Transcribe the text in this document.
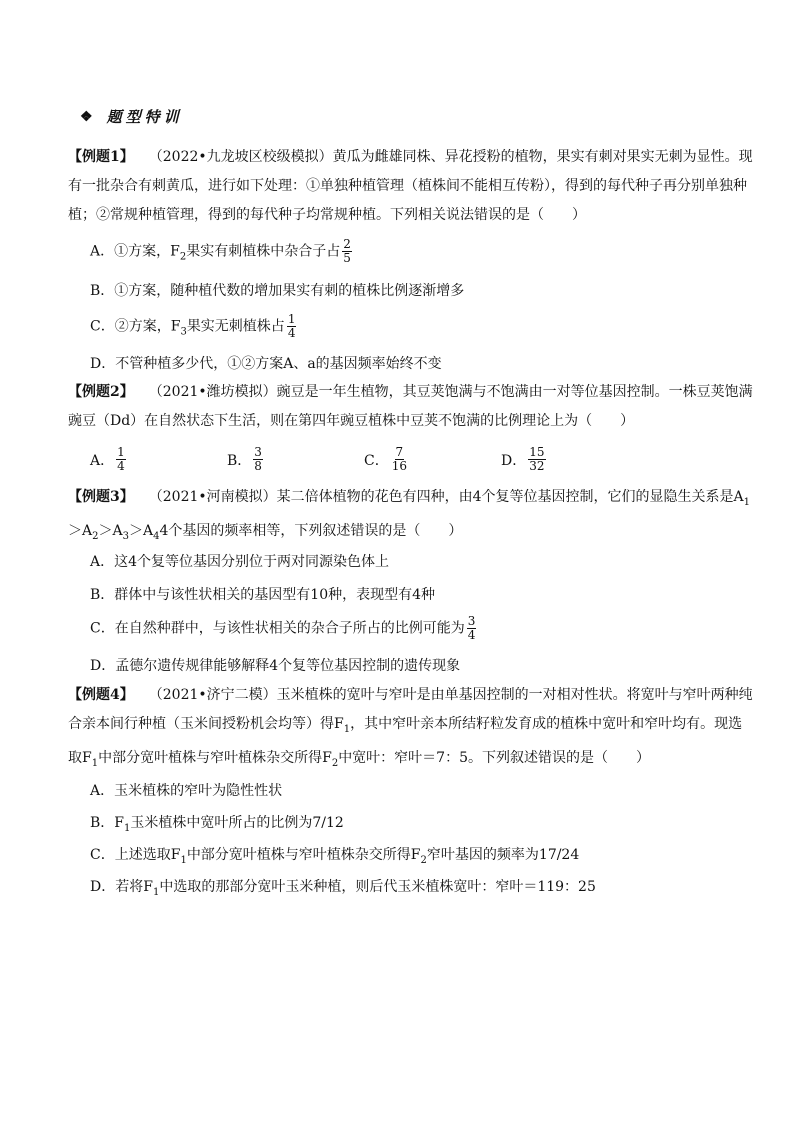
❖ 题型特训
【例题1】 （2022•九龙坡区校级模拟）黄瓜为雌雄同株、异花授粉的植物，果实有刺对果实无刺为显性。现有一批杂合有刺黄瓜，进行如下处理：①单独种植管理（植株间不能相互传粉），得到的每代种子再分别单独种植；②常规种植管理，得到的每代种子均常规种植。下列相关说法错误的是（　　）
A．①方案，$F_2$果实有刺植株中杂合子占 $\frac{2}{5}$
B．①方案，随种植代数的增加果实有刺的植株比例逐渐增多
C．②方案，$F_3$果实无刺植株占 $\frac{1}{4}$
D．不管种植多少代，①②方案A、a的基因频率始终不变
【例题2】 （2021•潍坊模拟）豌豆是一年生植物，其豆荚饱满与不饱满由一对等位基因控制。一株豆荚饱满豌豆（Dd）在自然状态下生活，则在第四年豌豆植株中豆荚不饱满的比例理论上为（　　）
A． $\frac{1}{4}$	B． $\frac{3}{8}$	C． $\frac{7}{16}$	D． $\frac{15}{32}$
【例题3】 （2021•河南模拟）某二倍体植物的花色有四种，由4个复等位基因控制，它们的显隐生关系是$A_1>A_2>A_3>A_44$个基因的频率相等，下列叙述错误的是（　　）
A．这4个复等位基因分别位于两对同源染色体上
B．群体中与该性状相关的基因型有10种，表现型有4种
C．在自然种群中，与该性状相关的杂合子所占的比例可能为 $\frac{3}{4}$
D．孟德尔遗传规律能够解释4个复等位基因控制的遗传现象
【例题4】 （2021•济宁二模）玉米植株的宽叶与窄叶是由单基因控制的一对相对性状。将宽叶与窄叶两种纯合亲本间行种植（玉米间授粉机会均等）得$F_1$，其中窄叶亲本所结籽粒发育成的植株中宽叶和窄叶均有。现选取$F_1$中部分宽叶植株与窄叶植株杂交所得$F_2$中宽叶：窄叶＝7：5。下列叙述错误的是（　　）
A．玉米植株的窄叶为隐性性状
B．$F_1$玉米植株中宽叶所占的比例为7/12
C．上述选取$F_1$中部分宽叶植株与窄叶植株杂交所得$F_2$窄叶基因的频率为17/24
D．若将$F_1$中选取的那部分宽叶玉米种植，则后代玉米植株宽叶：窄叶＝119：25
